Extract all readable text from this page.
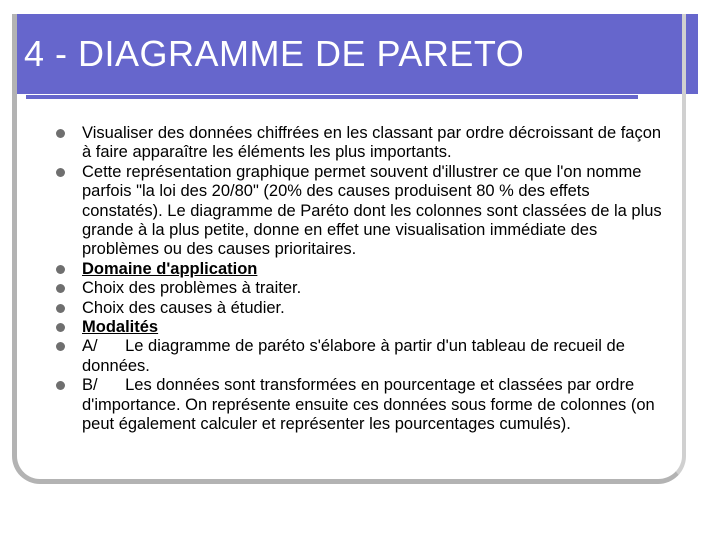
4 - DIAGRAMME DE PARETO
Visualiser des données chiffrées en les classant par ordre décroissant de façon à faire apparaître les éléments les plus importants.
Cette représentation graphique permet souvent d'illustrer ce que l'on nomme parfois "la loi des 20/80" (20% des causes produisent 80 % des effets constatés). Le diagramme de Paréto dont les colonnes sont classées de la plus grande à la plus petite, donne en effet une visualisation immédiate des problèmes ou des causes prioritaires.
Domaine d'application
Choix des problèmes à traiter.
Choix des causes à étudier.
Modalités
A/      Le diagramme de paréto s'élabore à partir d'un tableau de recueil de données.
B/      Les données sont transformées en pourcentage et classées par ordre d'importance. On représente ensuite ces données sous forme de colonnes (on peut également calculer et représenter les pourcentages cumulés).
